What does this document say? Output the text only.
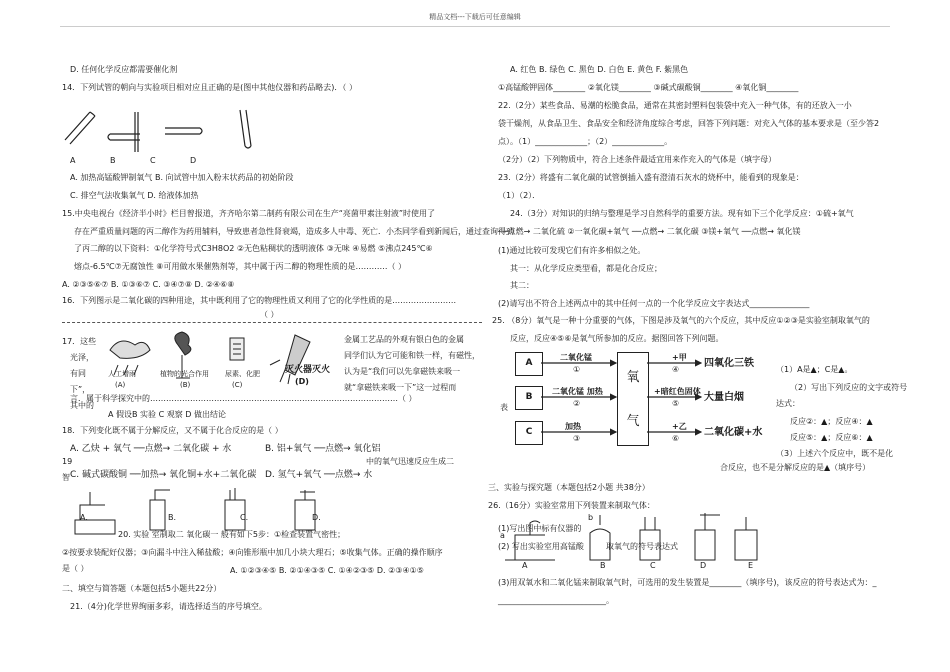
精品文档---下载后可任意编辑
D. 任何化学反应都需要催化剂
14．下列试管的朝向与实验项目相对应且正确的是(图中其他仪器和药品略去)．（ ）
A	B	C	D
A. 加热高锰酸钾制氧气 B. 向试管中加入粉末状药品的初始阶段
C. 排空气法收集氧气 D. 给液体加热
15.中央电视台《经济半小时》栏目曾报道，齐齐哈尔第二制药有限公司在生产“亮菌甲素注射液”时使用了
存在严重质量问题的丙二醇作为药用辅料，导致患者急性肾衰竭，造成多人中毒、死亡．小杰同学看到新闻后，通过查询得到
了丙二醇的以下资料：①化学符号式C3H8O2 ②无色粘稠状的透明液体 ③无味 ④易燃 ⑤沸点245℃⑥
熔点-6.5℃⑦无腐蚀性 ⑧可用做水果催熟剂等，其中属于丙二醇的物理性质的是…………（ ）
A. ②③⑤⑥⑦ B. ①③⑥⑦ C. ③④⑦⑧ D. ②④⑥⑧
16．下列图示是二氧化碳的四种用途，其中既利用了它的物理性质又利用了它的化学性质的是……………………
（ ）
17．这些
光泽，
有同
下”，
其中的
人工增雨	植物的光合作用 尿素、化肥	灭火器灭火
(A)	(B)	(C)	(D)
金属工艺品的外观有银白色的金属
同学们认为它可能和铁一样，有磁性，
认为是“我们可以先拿磁铁来吸一
就“拿磁铁来吸一下”这一过程而
言．属于科学探究中的…………………………………………………………………………………（ ）
A 假设B 实验 C 观察 D 做出结论
18．下列变化既不属于分解反应，又不属于化合反应的是（ ）
A. 乙炔 + 氧气 ──点燃→ 二氧化碳 + 水	B. 铝+氧气 ──点燃→ 氧化铝
19	中的氧气迅速反应生成二
智 C. 碱式碳酸铜 ──加热→ 氧化铜+水+二氧化碳 D. 氢气+氧气 ──点燃→ 水
A.	B.	C.	D.
20. 实验 室制取二 氧化碳一 般有如下5步：①检查装置气密性；
②按要求装配好仪器；③向漏斗中注入稀盐酸；④向锥形瓶中加几小块大理石；⑤收集气体。正确的操作顺序
是（ ）	A. ①②③④⑤ B. ②①④③⑤ C. ①④②③⑤ D. ②③④①⑤
二、填空与简答题（本题包括5小题共22分）
21.（4分)化学世界绚丽多彩，请选择适当的序号填空。
A. 红色 B. 绿色 C. 黑色 D. 白色 E. 黄色 F. 紫黑色
①高锰酸钾固体________ ②氧化镁________ ③碱式碳酸铜________ ④氧化铜________
22.（2分）某些食品、易潮的松脆食品，通常在其密封塑料包装袋中充入一种气体，有的还放入一小
袋干燥剂，从食品卫生、食品安全和经济角度综合考虑，回答下列问题：对充入气体的基本要求是（至少答2
点）。（1）_____________；（2）_____________。
（2分）（2）下列物质中，符合上述条件最适宜用来作充入的气体是（填字母）
23.（2分）将盛有二氧化碳的试管倒插入盛有澄清石灰水的烧杯中，能看到的现象是：
（1）（2）．
24.（3分）对知识的归纳与整理是学习自然科学的重要方法。现有如下三个化学反应：①硫+氧气
──点燃→ 二氧化硫 ②一氧化碳+氧气 ──点燃→ 二氧化碳 ③镁+氧气 ──点燃→ 氧化镁
(1)通过比较可发现它们有许多相似之处。
其一：从化学反应类型看，都是化合反应；
其二：
(2)请写出不符合上述两点中的其中任何一点的一个化学反应文字表达式_______________
25. （8分）氧气是一种十分重要的气体，下图是涉及氧气的六个反应，其中反应①②③是实验室制取氧气的
反应，反应④⑤⑥是氧气所参加的反应。据图回答下列问题。
A
B
C
氧

气
二氧化锰
①
二氧化锰 加热
②
加热
③
+甲
④
+暗红色固体
⑤
+乙
⑥
四氧化三铁
大量白烟
二氧化碳+水
表
（1）A是▲；C是▲。
（2）写出下列反应的文字或符号
达式：
反应②：▲；反应④：▲
反应⑤：▲；反应⑥：▲
（3）上述六个反应中，既不是化
合反应，也不是分解反应的是▲（填序号）
三、实验与探究题（本题包括2小题 共38分）
26.（16分）实验室常用下列装置来制取气体：
(1)写出图中标有仪器的
a
b
(2) 写出实验室用高锰酸	取氧气的符号表达式
A	B	C	D	E
(3)用双氧水和二氧化锰来制取氧气时，可选用的发生装置是________（填序号)，该反应的符号表达式为：_
___________________________。
